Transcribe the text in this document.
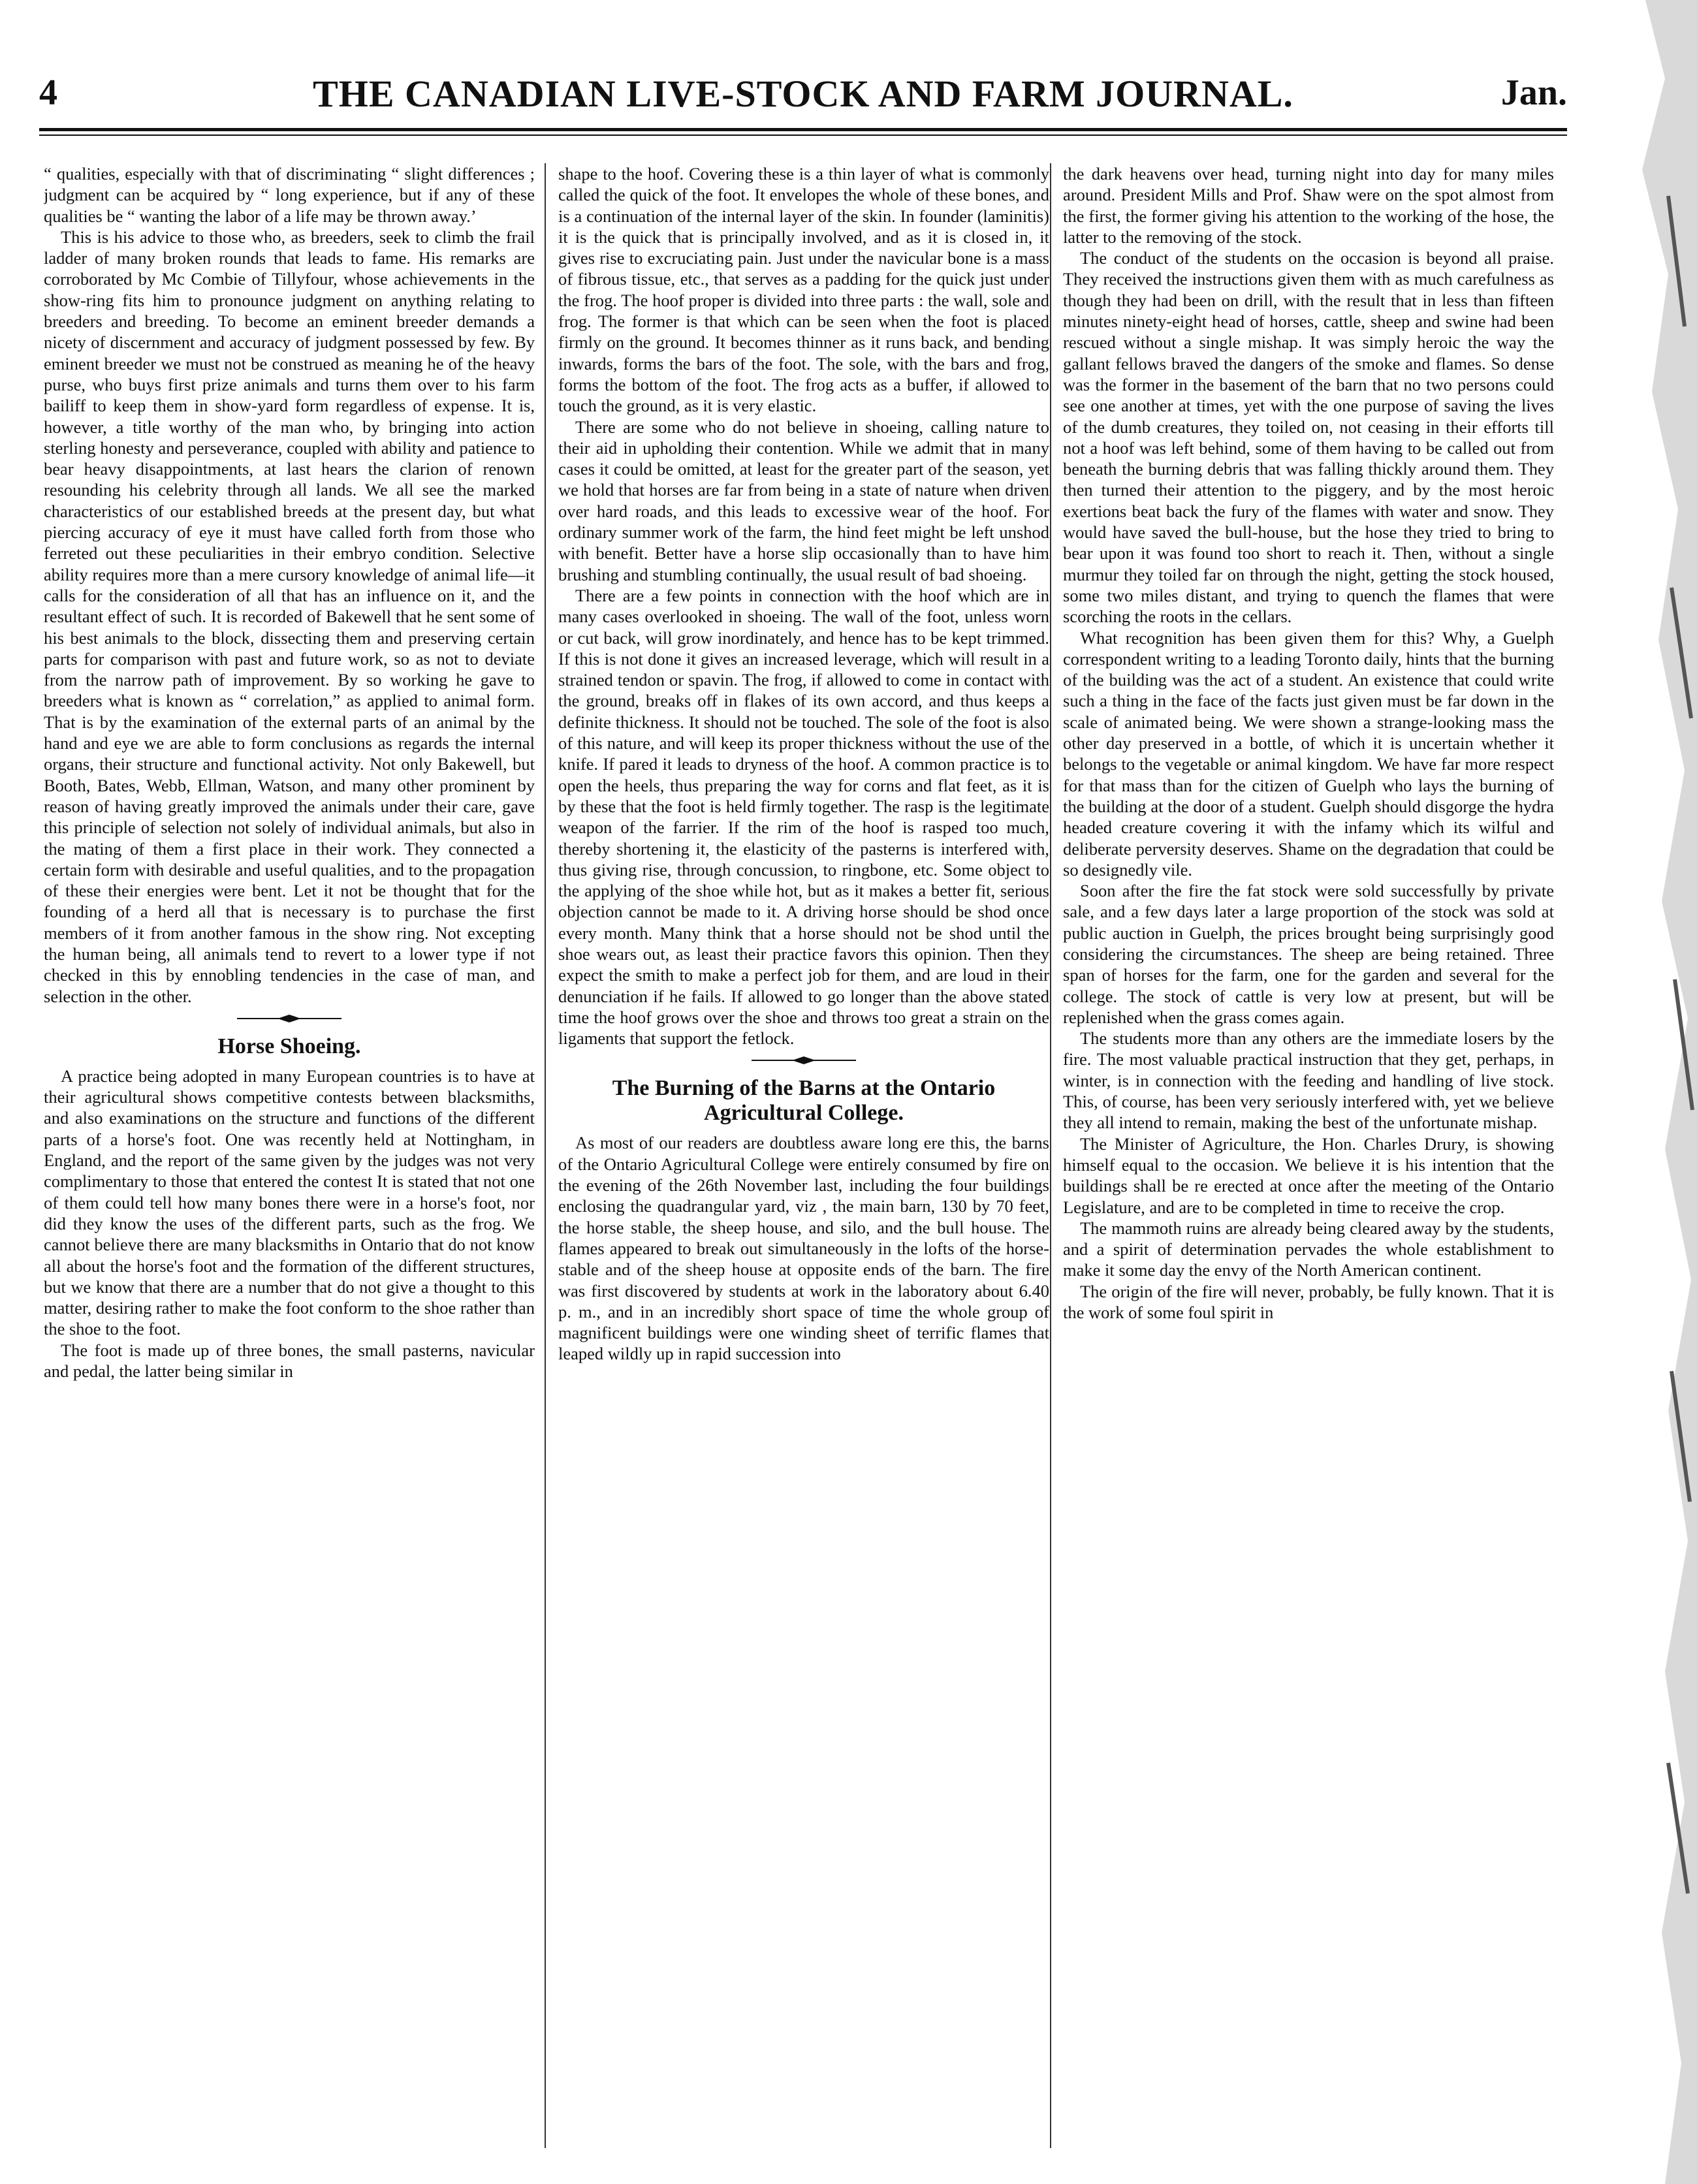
4	THE CANADIAN LIVE-STOCK AND FARM JOURNAL.	Jan.

“ qualities, especially with that of discriminating “ slight differences ; judgment can be acquired by “ long experience, but if any of these qualities be “ wanting the labor of a life may be thrown away.’

This is his advice to those who, as breeders, seek to climb the frail ladder of many broken rounds that leads to fame. His remarks are corroborated by Mc Combie of Tillyfour, whose achievements in the show-ring fits him to pronounce judgment on anything relating to breeders and breeding. To become an eminent breeder demands a nicety of discernment and accuracy of judgment possessed by few. By eminent breeder we must not be construed as meaning he of the heavy purse, who buys first prize animals and turns them over to his farm bailiff to keep them in show-yard form regardless of expense. It is, however, a title worthy of the man who, by bringing into action sterling honesty and perseverance, coupled with ability and patience to bear heavy disappointments, at last hears the clarion of renown resounding his celebrity through all lands. We all see the marked characteristics of our established breeds at the present day, but what piercing accuracy of eye it must have called forth from those who ferreted out these peculiarities in their embryo condition. Selective ability requires more than a mere cursory knowledge of animal life—it calls for the consideration of all that has an influence on it, and the resultant effect of such. It is recorded of Bakewell that he sent some of his best animals to the block, dissecting them and preserving certain parts for comparison with past and future work, so as not to deviate from the narrow path of improvement. By so working he gave to breeders what is known as “ correlation,” as applied to animal form. That is by the examination of the external parts of an animal by the hand and eye we are able to form conclusions as regards the internal organs, their structure and functional activity. Not only Bakewell, but Booth, Bates, Webb, Ellman, Watson, and many other prominent by reason of having greatly improved the animals under their care, gave this principle of selection not solely of individual animals, but also in the mating of them a first place in their work. They connected a certain form with desirable and useful qualities, and to the propagation of these their energies were bent. Let it not be thought that for the founding of a herd all that is necessary is to purchase the first members of it from another famous in the show ring. Not excepting the human being, all animals tend to revert to a lower type if not checked in this by ennobling tendencies in the case of man, and selection in the other.

Horse Shoeing.

A practice being adopted in many European countries is to have at their agricultural shows competitive contests between blacksmiths, and also examinations on the structure and functions of the different parts of a horse's foot. One was recently held at Nottingham, in England, and the report of the same given by the judges was not very complimentary to those that entered the contest It is stated that not one of them could tell how many bones there were in a horse's foot, nor did they know the uses of the different parts, such as the frog. We cannot believe there are many blacksmiths in Ontario that do not know all about the horse's foot and the formation of the different structures, but we know that there are a number that do not give a thought to this matter, desiring rather to make the foot conform to the shoe rather than the shoe to the foot.

The foot is made up of three bones, the small pasterns, navicular and pedal, the latter being similar in

shape to the hoof. Covering these is a thin layer of what is commonly called the quick of the foot. It envelopes the whole of these bones, and is a continuation of the internal layer of the skin. In founder (laminitis) it is the quick that is principally involved, and as it is closed in, it gives rise to excruciating pain. Just under the navicular bone is a mass of fibrous tissue, etc., that serves as a padding for the quick just under the frog. The hoof proper is divided into three parts : the wall, sole and frog. The former is that which can be seen when the foot is placed firmly on the ground. It becomes thinner as it runs back, and bending inwards, forms the bars of the foot. The sole, with the bars and frog, forms the bottom of the foot. The frog acts as a buffer, if allowed to touch the ground, as it is very elastic.

There are some who do not believe in shoeing, calling nature to their aid in upholding their contention. While we admit that in many cases it could be omitted, at least for the greater part of the season, yet we hold that horses are far from being in a state of nature when driven over hard roads, and this leads to excessive wear of the hoof. For ordinary summer work of the farm, the hind feet might be left unshod with benefit. Better have a horse slip occasionally than to have him brushing and stumbling continually, the usual result of bad shoeing.

There are a few points in connection with the hoof which are in many cases overlooked in shoeing. The wall of the foot, unless worn or cut back, will grow inordinately, and hence has to be kept trimmed. If this is not done it gives an increased leverage, which will result in a strained tendon or spavin. The frog, if allowed to come in contact with the ground, breaks off in flakes of its own accord, and thus keeps a definite thickness. It should not be touched. The sole of the foot is also of this nature, and will keep its proper thickness without the use of the knife. If pared it leads to dryness of the hoof. A common practice is to open the heels, thus preparing the way for corns and flat feet, as it is by these that the foot is held firmly together. The rasp is the legitimate weapon of the farrier. If the rim of the hoof is rasped too much, thereby shortening it, the elasticity of the pasterns is interfered with, thus giving rise, through concussion, to ringbone, etc. Some object to the applying of the shoe while hot, but as it makes a better fit, serious objection cannot be made to it. A driving horse should be shod once every month. Many think that a horse should not be shod until the shoe wears out, as least their practice favors this opinion. Then they expect the smith to make a perfect job for them, and are loud in their denunciation if he fails. If allowed to go longer than the above stated time the hoof grows over the shoe and throws too great a strain on the ligaments that support the fetlock.

The Burning of the Barns at the Ontario Agricultural College.

As most of our readers are doubtless aware long ere this, the barns of the Ontario Agricultural College were entirely consumed by fire on the evening of the 26th November last, including the four buildings enclosing the quadrangular yard, viz , the main barn, 130 by 70 feet, the horse stable, the sheep house, and silo, and the bull house. The flames appeared to break out simultaneously in the lofts of the horse-stable and of the sheep house at opposite ends of the barn. The fire was first discovered by students at work in the laboratory about 6.40 p. m., and in an incredibly short space of time the whole group of magnificent buildings were one winding sheet of terrific flames that leaped wildly up in rapid succession into

the dark heavens over head, turning night into day for many miles around. President Mills and Prof. Shaw were on the spot almost from the first, the former giving his attention to the working of the hose, the latter to the removing of the stock.

The conduct of the students on the occasion is beyond all praise. They received the instructions given them with as much carefulness as though they had been on drill, with the result that in less than fifteen minutes ninety-eight head of horses, cattle, sheep and swine had been rescued without a single mishap. It was simply heroic the way the gallant fellows braved the dangers of the smoke and flames. So dense was the former in the basement of the barn that no two persons could see one another at times, yet with the one purpose of saving the lives of the dumb creatures, they toiled on, not ceasing in their efforts till not a hoof was left behind, some of them having to be called out from beneath the burning debris that was falling thickly around them. They then turned their attention to the piggery, and by the most heroic exertions beat back the fury of the flames with water and snow. They would have saved the bull-house, but the hose they tried to bring to bear upon it was found too short to reach it. Then, without a single murmur they toiled far on through the night, getting the stock housed, some two miles distant, and trying to quench the flames that were scorching the roots in the cellars.

What recognition has been given them for this? Why, a Guelph correspondent writing to a leading Toronto daily, hints that the burning of the building was the act of a student. An existence that could write such a thing in the face of the facts just given must be far down in the scale of animated being. We were shown a strange-looking mass the other day preserved in a bottle, of which it is uncertain whether it belongs to the vegetable or animal kingdom. We have far more respect for that mass than for the citizen of Guelph who lays the burning of the building at the door of a student. Guelph should disgorge the hydra headed creature covering it with the infamy which its wilful and deliberate perversity deserves. Shame on the degradation that could be so designedly vile.

Soon after the fire the fat stock were sold successfully by private sale, and a few days later a large proportion of the stock was sold at public auction in Guelph, the prices brought being surprisingly good considering the circumstances. The sheep are being retained. Three span of horses for the farm, one for the garden and several for the college. The stock of cattle is very low at present, but will be replenished when the grass comes again.

The students more than any others are the immediate losers by the fire. The most valuable practical instruction that they get, perhaps, in winter, is in connection with the feeding and handling of live stock. This, of course, has been very seriously interfered with, yet we believe they all intend to remain, making the best of the unfortunate mishap.

The Minister of Agriculture, the Hon. Charles Drury, is showing himself equal to the occasion. We believe it is his intention that the buildings shall be re erected at once after the meeting of the Ontario Legislature, and are to be completed in time to receive the crop.

The mammoth ruins are already being cleared away by the students, and a spirit of determination pervades the whole establishment to make it some day the envy of the North American continent.

The origin of the fire will never, probably, be fully known. That it is the work of some foul spirit in
